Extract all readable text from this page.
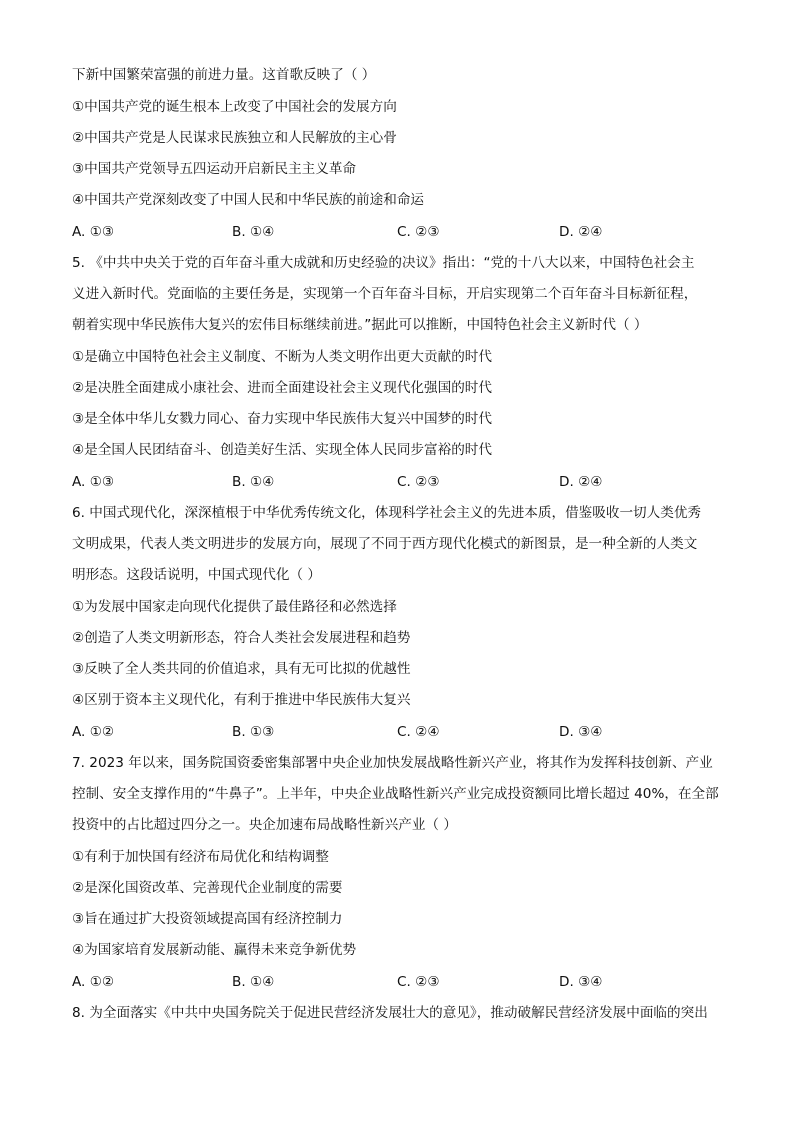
下新中国繁荣富强的前进力量。这首歌反映了（ ）
①中国共产党的诞生根本上改变了中国社会的发展方向
②中国共产党是人民谋求民族独立和人民解放的主心骨
③中国共产党领导五四运动开启新民主主义革命
④中国共产党深刻改变了中国人民和中华民族的前途和命运
A. ①③	B. ①④	C. ②③	D. ②④
5. 《中共中央关于党的百年奋斗重大成就和历史经验的决议》指出：“党的十八大以来，中国特色社会主
义进入新时代。党面临的主要任务是，实现第一个百年奋斗目标，开启实现第二个百年奋斗目标新征程，
朝着实现中华民族伟大复兴的宏伟目标继续前进。”据此可以推断，中国特色社会主义新时代（ ）
①是确立中国特色社会主义制度、不断为人类文明作出更大贡献的时代
②是决胜全面建成小康社会、进而全面建设社会主义现代化强国的时代
③是全体中华儿女戮力同心、奋力实现中华民族伟大复兴中国梦的时代
④是全国人民团结奋斗、创造美好生活、实现全体人民同步富裕的时代
A. ①③	B. ①④	C. ②③	D. ②④
6. 中国式现代化，深深植根于中华优秀传统文化，体现科学社会主义的先进本质，借鉴吸收一切人类优秀
文明成果，代表人类文明进步的发展方向，展现了不同于西方现代化模式的新图景，是一种全新的人类文
明形态。这段话说明，中国式现代化（ ）
①为发展中国家走向现代化提供了最佳路径和必然选择
②创造了人类文明新形态，符合人类社会发展进程和趋势
③反映了全人类共同的价值追求，具有无可比拟的优越性
④区别于资本主义现代化，有利于推进中华民族伟大复兴
A. ①②	B. ①③	C. ②④	D. ③④
7. 2023 年以来，国务院国资委密集部署中央企业加快发展战略性新兴产业，将其作为发挥科技创新、产业
控制、安全支撑作用的“牛鼻子”。上半年，中央企业战略性新兴产业完成投资额同比增长超过 40%，在全部
投资中的占比超过四分之一。央企加速布局战略性新兴产业（ ）
①有利于加快国有经济布局优化和结构调整
②是深化国资改革、完善现代企业制度的需要
③旨在通过扩大投资领域提高国有经济控制力
④为国家培育发展新动能、赢得未来竞争新优势
A. ①②	B. ①④	C. ②③	D. ③④
8. 为全面落实《中共中央国务院关于促进民营经济发展壮大的意见》，推动破解民营经济发展中面临的突出
